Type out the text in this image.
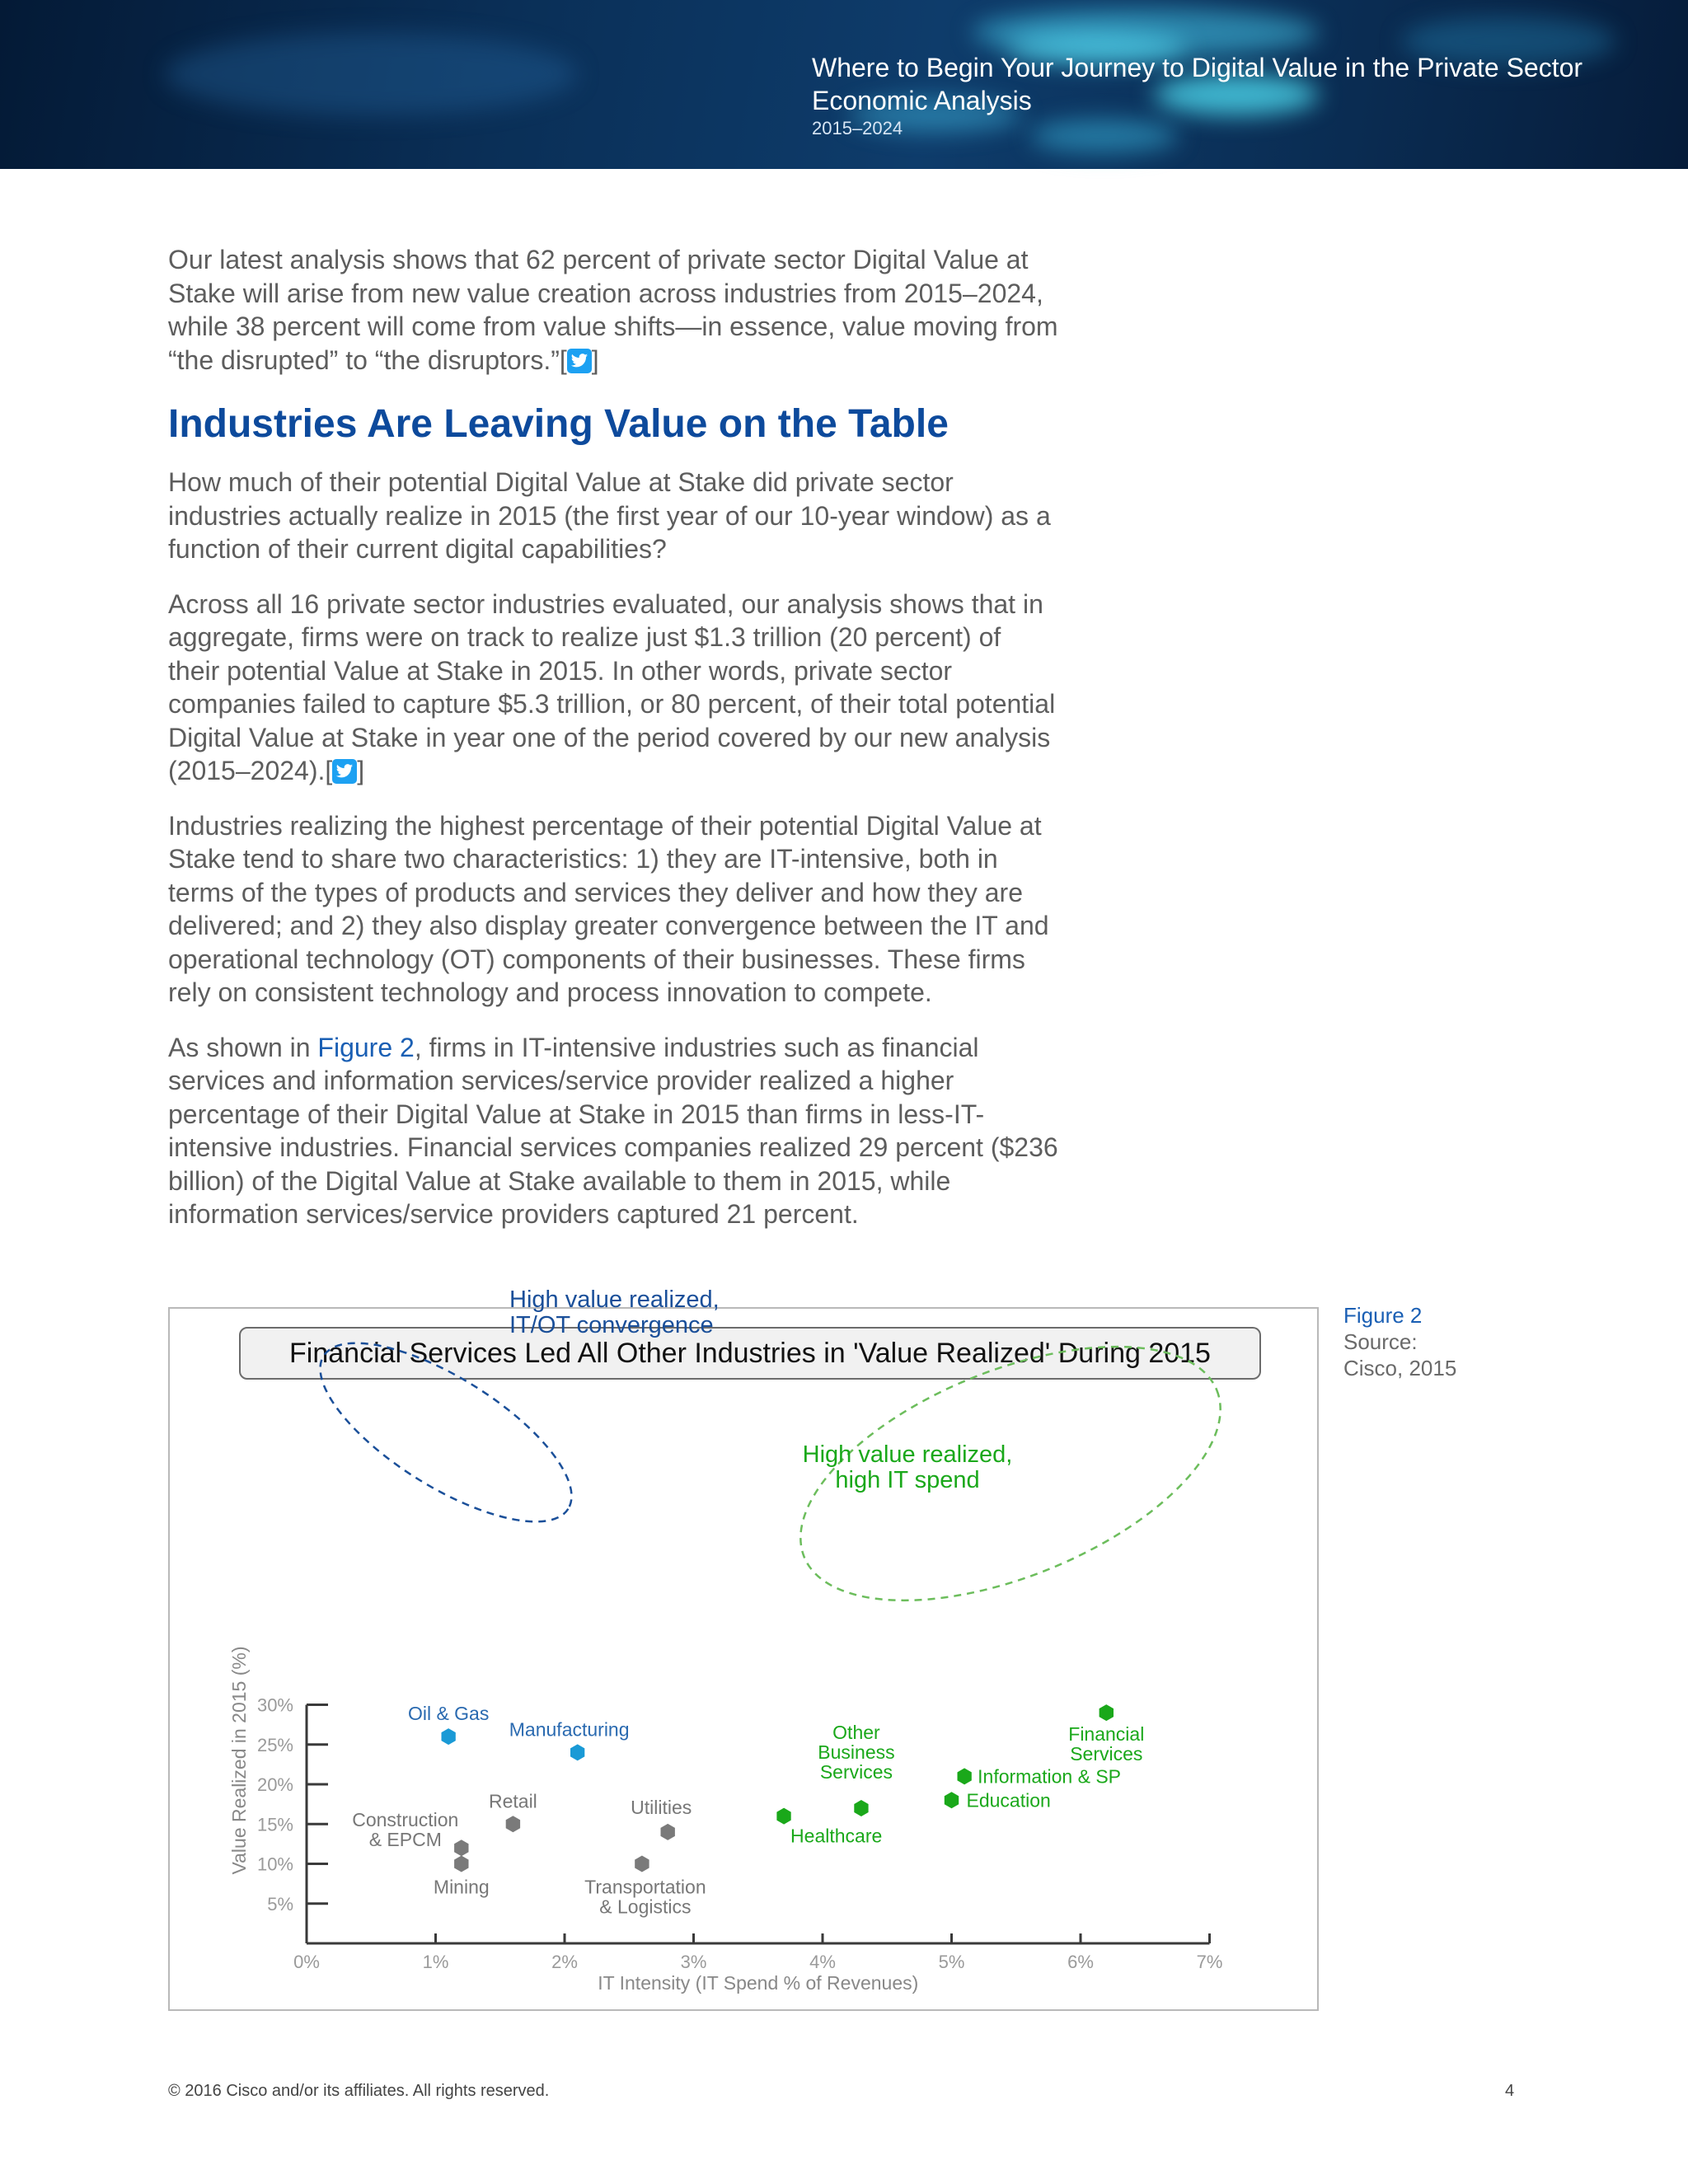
Where to Begin Your Journey to Digital Value in the Private Sector
Economic Analysis
2015–2024

Our latest analysis shows that 62 percent of private sector Digital Value at Stake will arise from new value creation across industries from 2015–2024, while 38 percent will come from value shifts—in essence, value moving from “the disrupted” to “the disruptors.”[ ]

Industries Are Leaving Value on the Table

How much of their potential Digital Value at Stake did private sector industries actually realize in 2015 (the first year of our 10-year window) as a function of their current digital capabilities?

Across all 16 private sector industries evaluated, our analysis shows that in aggregate, firms were on track to realize just $1.3 trillion (20 percent) of their potential Value at Stake in 2015. In other words, private sector companies failed to capture $5.3 trillion, or 80 percent, of their total potential Digital Value at Stake in year one of the period covered by our new analysis (2015–2024).[ ]

Industries realizing the highest percentage of their potential Digital Value at Stake tend to share two characteristics: 1) they are IT-intensive, both in terms of the types of products and services they deliver and how they are delivered; and 2) they also display greater convergence between the IT and operational technology (OT) components of their businesses. These firms rely on consistent technology and process innovation to compete.

As shown in Figure 2, firms in IT-intensive industries such as financial services and information services/service provider realized a higher percentage of their Digital Value at Stake in 2015 than firms in less-IT-intensive industries. Financial services companies realized 29 percent ($236 billion) of the Digital Value at Stake available to them in 2015, while information services/service providers captured 21 percent.

Financial Services Led All Other Industries in 'Value Realized' During 2015
5%
10%
15%
20%
25%
30%
0%	1%	2%	3%	4%	5%	6%	7%
IT Intensity (IT Spend % of Revenues)
Value Realized in 2015 (%)
High value realized,
IT/OT convergence
High value realized,
high IT spend
Oil & Gas
Manufacturing	Financial
Services
Information & SP
Education
Other
Business
Services
Healthcare
Retail	Utilities
Construction
& EPCM
Mining	Transportation
& Logistics
Figure 2
Source:
Cisco, 2015
© 2016 Cisco and/or its affiliates. All rights reserved.	4
